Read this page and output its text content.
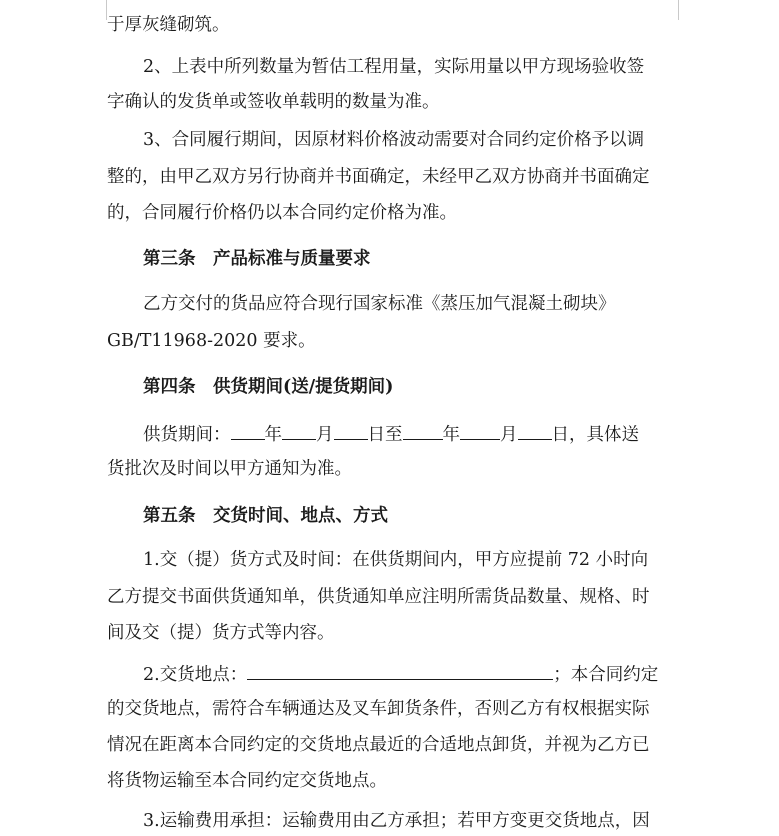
于厚灰缝砌筑。
2、上表中所列数量为暂估工程用量，实际用量以甲方现场验收签
字确认的发货单或签收单载明的数量为准。
3、合同履行期间，因原材料价格波动需要对合同约定价格予以调
整的，由甲乙双方另行协商并书面确定，未经甲乙双方协商并书面确定
的，合同履行价格仍以本合同约定价格为准。
第三条　产品标准与质量要求
乙方交付的货品应符合现行国家标准《蒸压加气混凝土砌块》
GB/T11968-2020 要求。
第四条　供货期间(送/提货期间)
供货期间： 年 月 日至 年 月 日，具体送
货批次及时间以甲方通知为准。
第五条　交货时间、地点、方式
1.交（提）货方式及时间：在供货期间内，甲方应提前 72 小时向
乙方提交书面供货通知单，供货通知单应注明所需货品数量、规格、时
间及交（提）货方式等内容。
2.交货地点：	；本合同约定
的交货地点，需符合车辆通达及叉车卸货条件，否则乙方有权根据实际
情况在距离本合同约定的交货地点最近的合适地点卸货，并视为乙方已
将货物运输至本合同约定交货地点。
3.运输费用承担：运输费用由乙方承担；若甲方变更交货地点，因
